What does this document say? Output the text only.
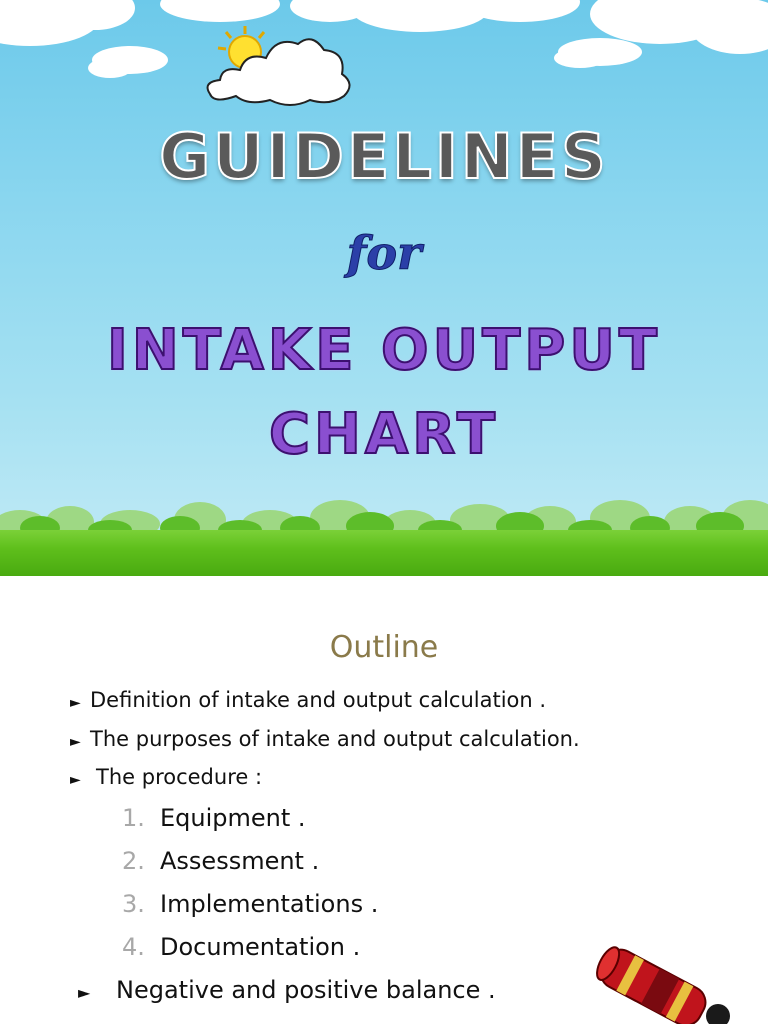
GUIDELINES
for
INTAKE OUTPUT
CHART
Outline
► Definition of intake and output calculation .
► The purposes of intake and output calculation.
► The procedure :
1. Equipment .
2. Assessment .
3. Implementations .
4. Documentation .
► Negative and positive balance .
